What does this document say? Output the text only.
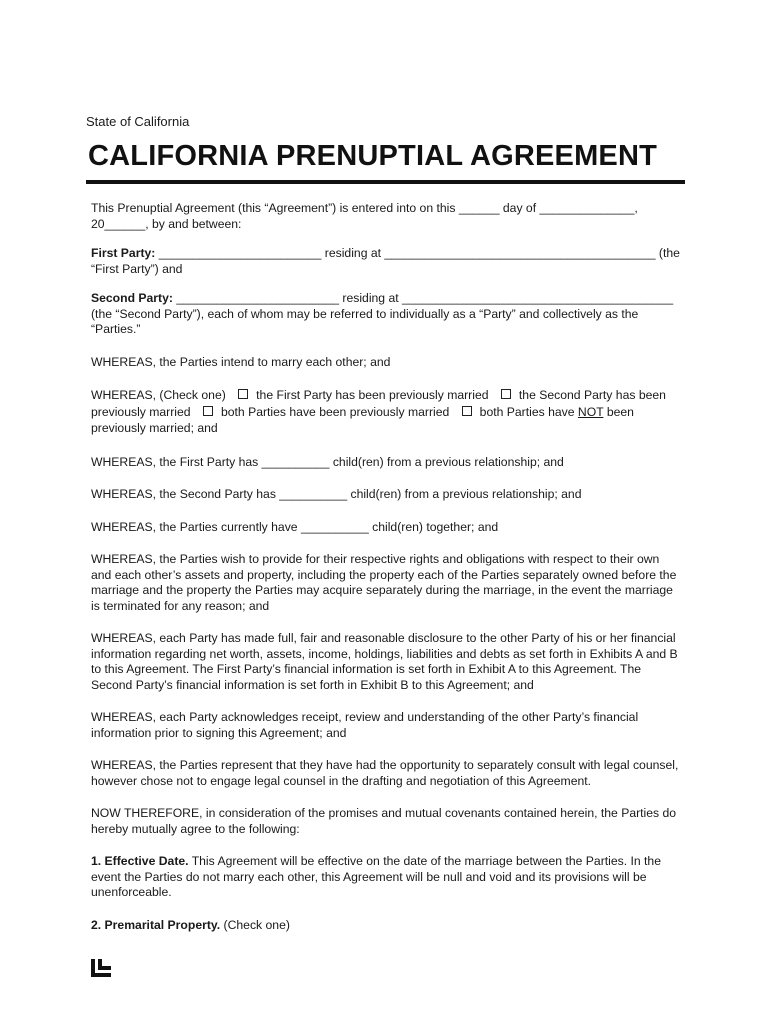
State of California
CALIFORNIA PRENUPTIAL AGREEMENT

This Prenuptial Agreement (this “Agreement”) is entered into on this ______ day of ______________, 20______, by and between:

First Party: ________________________ residing at ________________________________________ (the “First Party”) and

Second Party: ________________________ residing at ________________________________________ (the “Second Party”), each of whom may be referred to individually as a “Party” and collectively as the “Parties.”

WHEREAS, the Parties intend to marry each other; and

WHEREAS, (Check one) the First Party has been previously married the Second Party has been previously married both Parties have been previously married both Parties have NOT been previously married; and

WHEREAS, the First Party has __________ child(ren) from a previous relationship; and

WHEREAS, the Second Party has __________ child(ren) from a previous relationship; and

WHEREAS, the Parties currently have __________ child(ren) together; and

WHEREAS, the Parties wish to provide for their respective rights and obligations with respect to their own and each other’s assets and property, including the property each of the Parties separately owned before the marriage and the property the Parties may acquire separately during the marriage, in the event the marriage is terminated for any reason; and

WHEREAS, each Party has made full, fair and reasonable disclosure to the other Party of his or her financial information regarding net worth, assets, income, holdings, liabilities and debts as set forth in Exhibits A and B to this Agreement. The First Party’s financial information is set forth in Exhibit A to this Agreement. The Second Party’s financial information is set forth in Exhibit B to this Agreement; and

WHEREAS, each Party acknowledges receipt, review and understanding of the other Party’s financial information prior to signing this Agreement; and

WHEREAS, the Parties represent that they have had the opportunity to separately consult with legal counsel, however chose not to engage legal counsel in the drafting and negotiation of this Agreement.

NOW THEREFORE, in consideration of the promises and mutual covenants contained herein, the Parties do hereby mutually agree to the following:

1. Effective Date. This Agreement will be effective on the date of the marriage between the Parties. In the event the Parties do not marry each other, this Agreement will be null and void and its provisions will be unenforceable.

2. Premarital Property. (Check one)
